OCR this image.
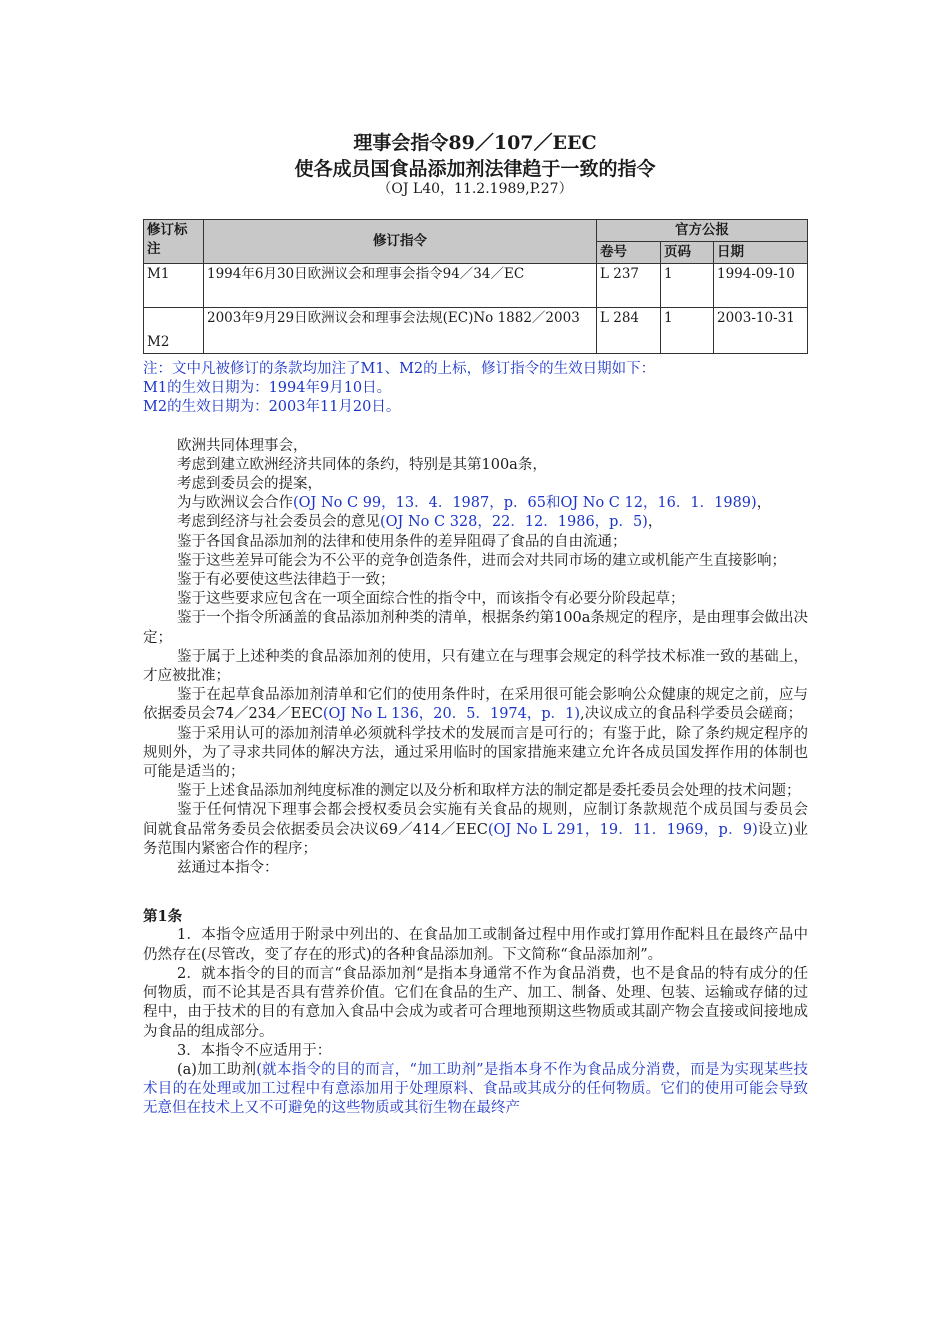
理事会指令89／107／EEC
使各成员国食品添加剂法律趋于一致的指令
（OJ L40，11.2.1989,P.27）
修订标注	修订指令	官方公报		
		卷号	页码	日期
M1	1994年6月30日欧洲议会和理事会指令94／34／EC	L 237	1	1994-09-10
M2	2003年9月29日欧洲议会和理事会法规(EC)No 1882／2003	L 284	1	2003-10-31

注：文中凡被修订的条款均加注了M1、M2的上标，修订指令的生效日期如下：

M1的生效日期为：1994年9月10日。

M2的生效日期为：2003年11月20日。

欧洲共同体理事会，

考虑到建立欧洲经济共同体的条约，特别是其第100a条，

考虑到委员会的提案，

为与欧洲议会合作(OJ No C 99，13．4．1987，p．65和OJ No C 12，16．1．1989)，

考虑到经济与社会委员会的意见(OJ No C 328，22．12．1986，p．5)，

鉴于各国食品添加剂的法律和使用条件的差异阻碍了食品的自由流通；

鉴于这些差异可能会为不公平的竞争创造条件，进而会对共同市场的建立或机能产生直接影响；

鉴于有必要使这些法律趋于一致；

鉴于这些要求应包含在一项全面综合性的指令中，而该指令有必要分阶段起草；

鉴于一个指令所涵盖的食品添加剂种类的清单，根据条约第100a条规定的程序，是由理事会做出决定；

鉴于属于上述种类的食品添加剂的使用，只有建立在与理事会规定的科学技术标准一致的基础上，才应被批准；

鉴于在起草食品添加剂清单和它们的使用条件时，在采用很可能会影响公众健康的规定之前，应与依据委员会74／234／EEC(OJ No L 136，20．5．1974，p．1),决议成立的食品科学委员会磋商；

鉴于采用认可的添加剂清单必须就科学技术的发展而言是可行的；有鉴于此，除了条约规定程序的规则外，为了寻求共同体的解决方法，通过采用临时的国家措施来建立允许各成员国发挥作用的体制也可能是适当的；

鉴于上述食品添加剂纯度标准的测定以及分析和取样方法的制定都是委托委员会处理的技术问题；

鉴于任何情况下理事会都会授权委员会实施有关食品的规则，应制订条款规范个成员国与委员会　间就食品常务委员会依据委员会决议69／414／EEC(OJ No L 291，19．11．1969，p．9)设立)业务范围内紧密合作的程序；

兹通过本指令：

第1条

1．本指令应适用于附录中列出的、在食品加工或制备过程中用作或打算用作配料且在最终产品中仍然存在(尽管改，变了存在的形式)的各种食品添加剂。下文简称“食品添加剂”。

2．就本指令的目的而言“食品添加剂“是指本身通常不作为食品消费，也不是食品的特有成分的任何物质，而不论其是否具有营养价值。它们在食品的生产、加工、制备、处理、包装、运输或存储的过程中，由于技术的目的有意加入食品中会成为或者可合理地预期这些物质或其副产物会直接或间接地成为食品的组成部分。

3．本指令不应适用于：

(a)加工助剂(就本指令的目的而言，“加工助剂”是指本身不作为食品成分消费，而是为实现某些技术目的在处理或加工过程中有意添加用于处理原料、食品或其成分的任何物质。它们的使用可能会导致无意但在技术上又不可避免的这些物质或其衍生物在最终产
